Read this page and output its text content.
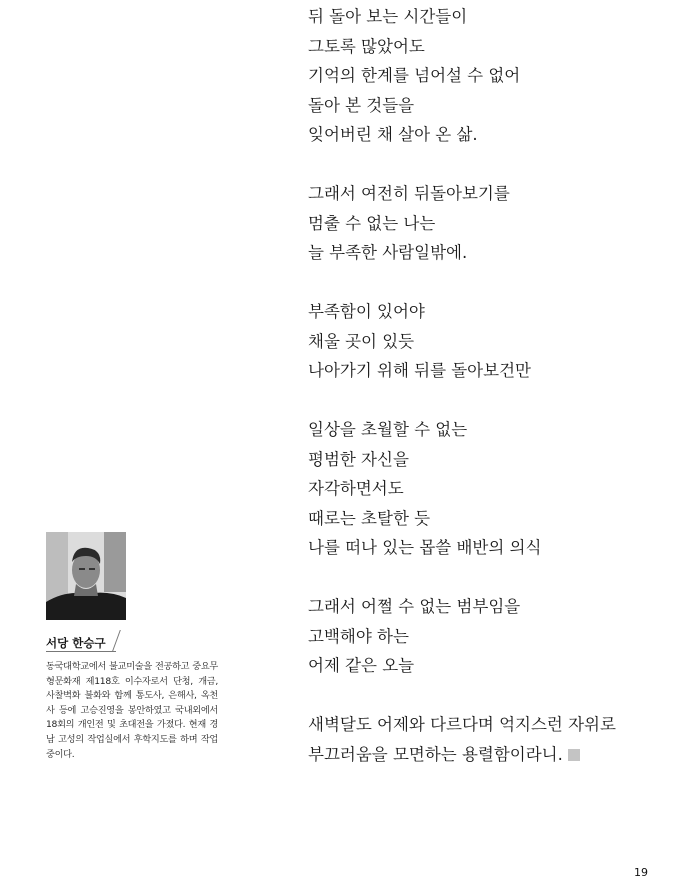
뒤 돌아 보는 시간들이
그토록 많았어도
기억의 한계를 넘어설 수 없어
돌아 본 것들을
잊어버린 채 살아 온 삶.
그래서 여전히 뒤돌아보기를
멈출 수 없는 나는
늘 부족한 사람일밖에.
부족함이 있어야
채울 곳이 있듯
나아가기 위해 뒤를 돌아보건만
일상을 초월할 수 없는
평범한 자신을
자각하면서도
때로는 초탈한 듯
나를 떠나 있는 몹쓸 배반의 의식
그래서 어쩔 수 없는 범부임을
고백해야 하는
어제 같은 오늘
새벽달도 어제와 다르다며 억지스런 자위로
부끄러움을 모면하는 용렬함이라니.
서당 한승구
동국대학교에서 불교미술을 전공하고 중요무형문화재 제118호 이수자로서 단청, 개금, 사찰벽화 불화와 함께 통도사, 은해사, 옥천사 등에 고승진영을 봉안하였고 국내외에서 18회의 개인전 및 초대전을 가졌다. 현재 경남 고성의 작업실에서 후학지도를 하며 작업 중이다.
19
